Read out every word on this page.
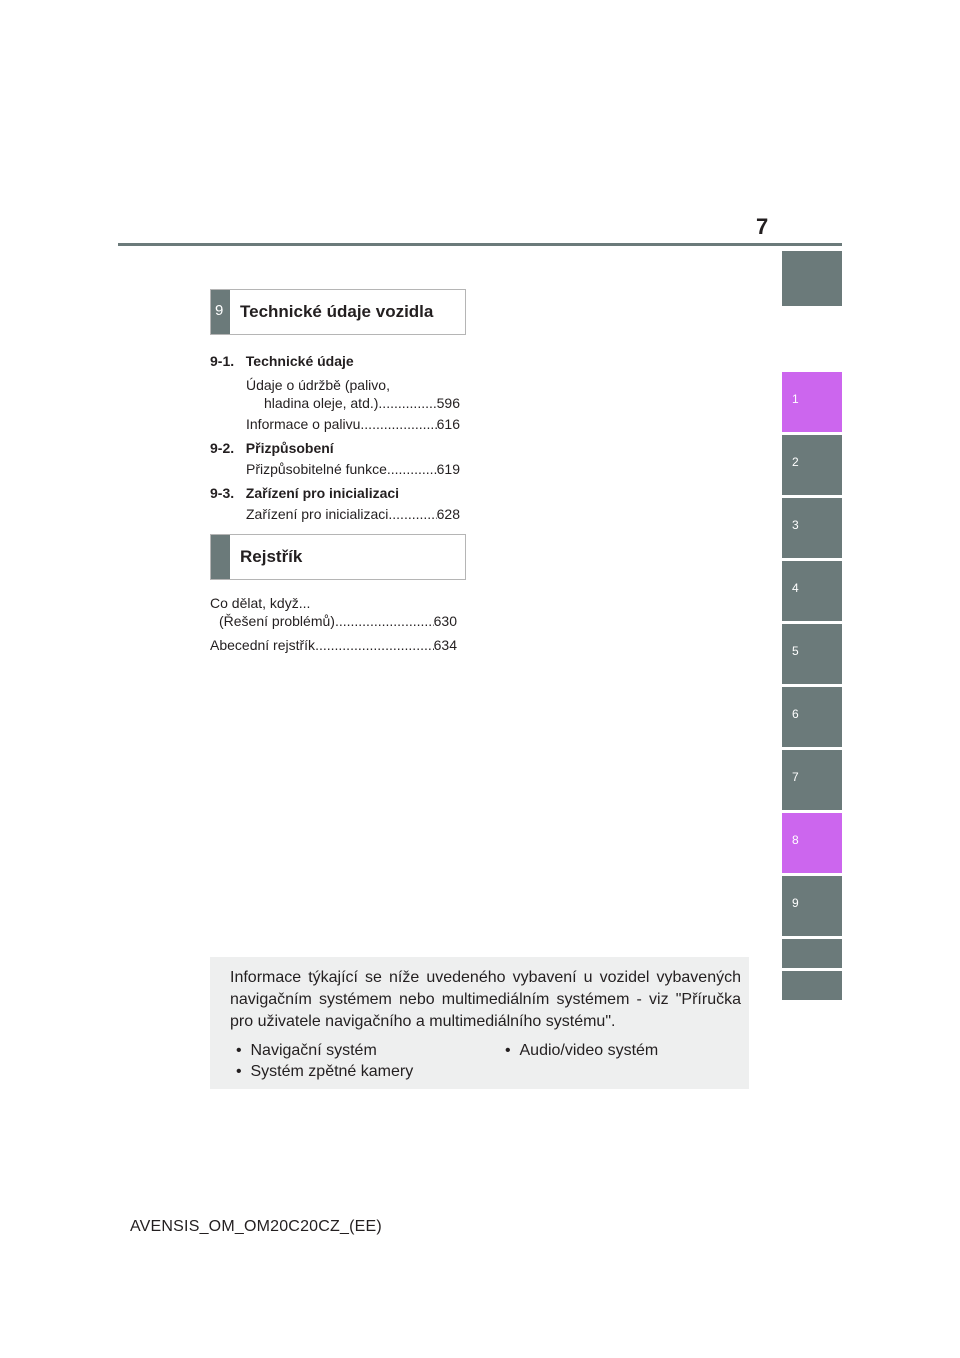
7
1
2
3
4
5
6
7
8
9
9 Technické údaje vozidla
9-1. Technické údaje
Údaje o údržbě (palivo,
hladina oleje, atd.) .....	596
Informace o palivu .....	616
9-2. Přizpůsobení
Přizpůsobitelné funkce .....	619
9-3. Zařízení pro inicializaci
Zařízení pro inicializaci .....	628
Rejstřík
Co dělat, když...
(Řešení problémů) .....	630
Abecední rejstřík .....	634
Informace týkající se níže uvedeného vybavení u vozidel vybavených navigačním systémem nebo multimediálním systémem - viz "Příručka pro uživatele navigačního a multimediálního systému".
•  Navigační systém	•  Audio/video systém
•  Systém zpětné kamery
AVENSIS_OM_OM20C20CZ_(EE)
